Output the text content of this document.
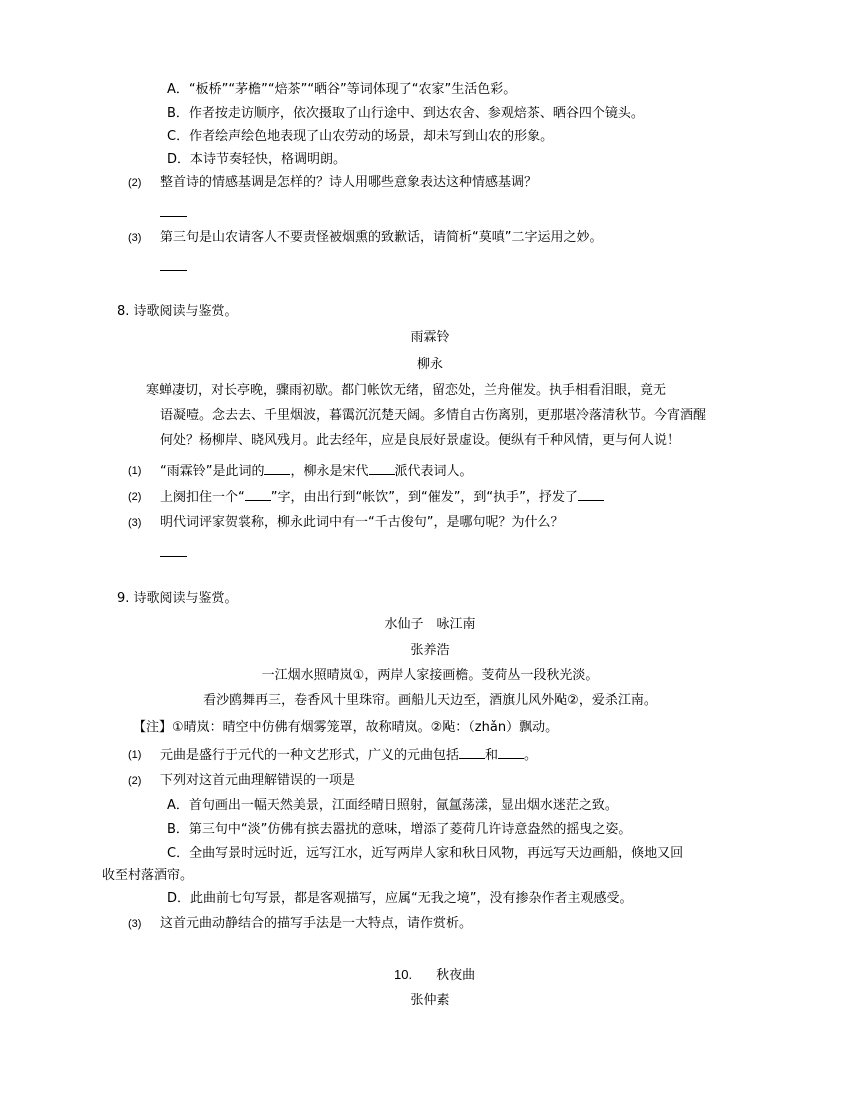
A．“板桥”“茅檐”“焙茶”“晒谷”等词体现了“农家”生活色彩。
B．作者按走访顺序，依次摄取了山行途中、到达农舍、参观焙茶、晒谷四个镜头。
C．作者绘声绘色地表现了山农劳动的场景，却未写到山农的形象。
D．本诗节奏轻快，格调明朗。
(2) 整首诗的情感基调是怎样的？诗人用哪些意象表达这种情感基调？
(3) 第三句是山农请客人不要责怪被烟熏的致歉话，请简析“莫嗔”二字运用之妙。
8. 诗歌阅读与鉴赏。
雨霖铃
柳永
寒蝉凄切，对长亭晚，骤雨初歇。都门帐饮无绪，留恋处，兰舟催发。执手相看泪眼，竟无
语凝噎。念去去、千里烟波，暮霭沉沉楚天阔。多情自古伤离别，更那堪冷落清秋节。今宵酒醒
何处？杨柳岸、晓风残月。此去经年，应是良辰好景虚设。便纵有千种风情，更与何人说！
(1) “雨霖铃”是此词的 ，柳永是宋代 派代表词人。
(2) 上阕扣住一个“ ”字，由出行到“帐饮”，到“催发”，到“执手”，抒发了
(3) 明代词评家贺裳称，柳永此词中有一“千古俊句”，是哪句呢？为什么？
9. 诗歌阅读与鉴赏。
水仙子　咏江南
张养浩
一江烟水照晴岚①，两岸人家接画檐。芰荷丛一段秋光淡。
看沙鸥舞再三，卷香风十里珠帘。画船儿天边至，酒旗儿风外飐②，爱杀江南。
【注】①晴岚：晴空中仿佛有烟雾笼罩，故称晴岚。②飐：（zhǎn）飘动。
(1) 元曲是盛行于元代的一种文艺形式，广义的元曲包括 和 。
(2) 下列对这首元曲理解错误的一项是
A．首句画出一幅天然美景，江面经晴日照射，氤氲荡漾，显出烟水迷茫之致。
B．第三句中“淡”仿佛有摈去嚣扰的意味，增添了菱荷几许诗意盎然的摇曳之姿。
C．全曲写景时远时近，远写江水，近写两岸人家和秋日风物，再远写天边画船，倏地又回
收至村落酒帘。
D．此曲前七句写景，都是客观描写，应属“无我之境”，没有掺杂作者主观感受。
(3) 这首元曲动静结合的描写手法是一大特点，请作赏析。
10. 秋夜曲
张仲素
